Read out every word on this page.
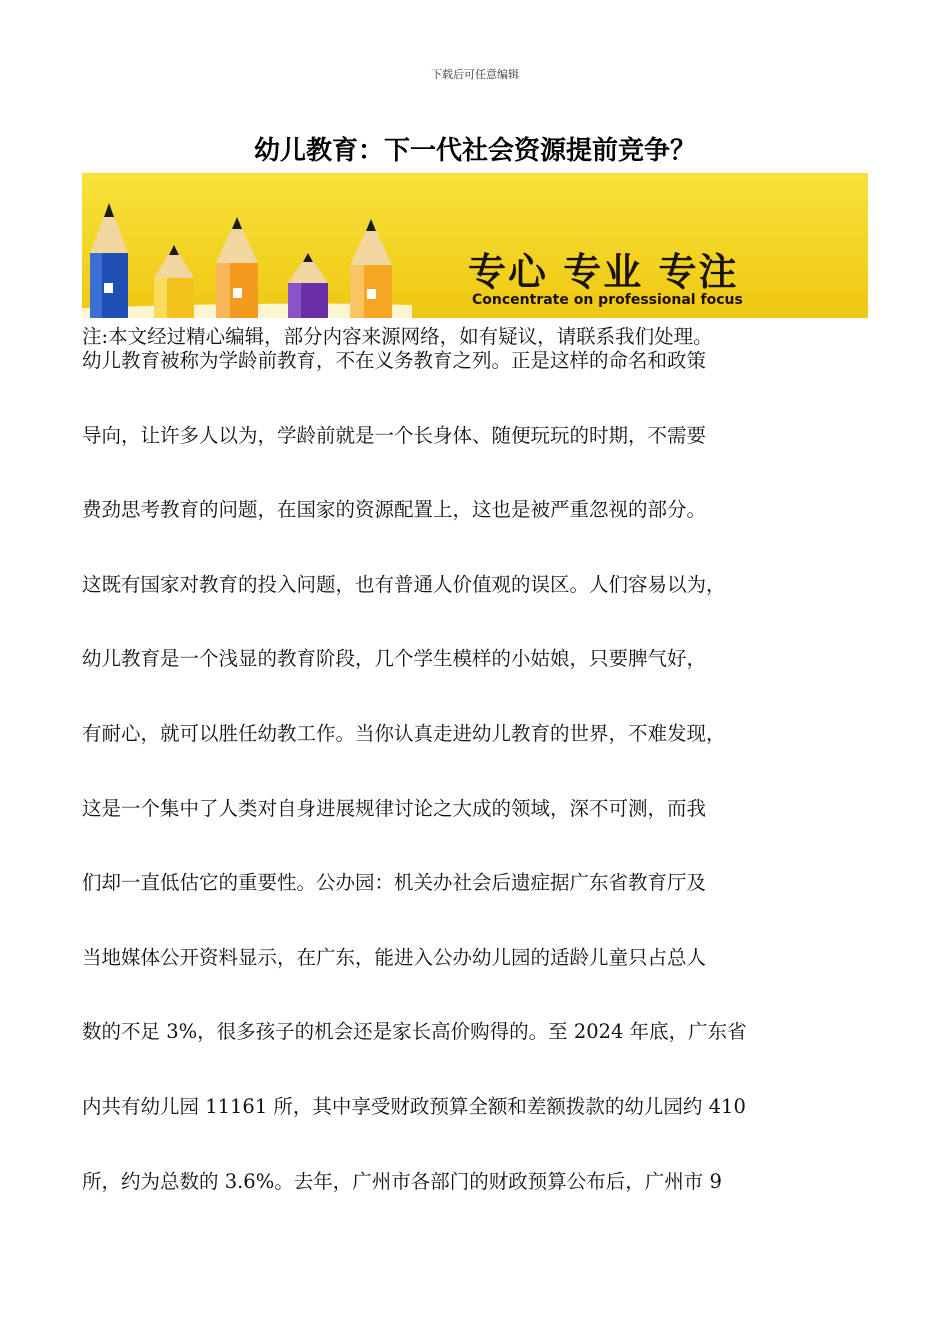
下载后可任意编辑
幼儿教育：下一代社会资源提前竞争？
专心 专业 专注
Concentrate on professional focus
注:本文经过精心编辑，部分内容来源网络，如有疑议，请联系我们处理。
幼儿教育被称为学龄前教育，不在义务教育之列。正是这样的命名和政策
导向，让许多人以为，学龄前就是一个长身体、随便玩玩的时期，不需要
费劲思考教育的问题，在国家的资源配置上，这也是被严重忽视的部分。
这既有国家对教育的投入问题，也有普通人价值观的误区。人们容易以为，
幼儿教育是一个浅显的教育阶段，几个学生模样的小姑娘，只要脾气好，
有耐心，就可以胜任幼教工作。当你认真走进幼儿教育的世界，不难发现，
这是一个集中了人类对自身进展规律讨论之大成的领域，深不可测，而我
们却一直低估它的重要性。公办园：机关办社会后遗症据广东省教育厅及
当地媒体公开资料显示，在广东，能进入公办幼儿园的适龄儿童只占总人
数的不足 3%，很多孩子的机会还是家长高价购得的。至 2024 年底，广东省
内共有幼儿园 11161 所，其中享受财政预算全额和差额拨款的幼儿园约 410
所，约为总数的 3.6%。去年，广州市各部门的财政预算公布后，广州市 9
